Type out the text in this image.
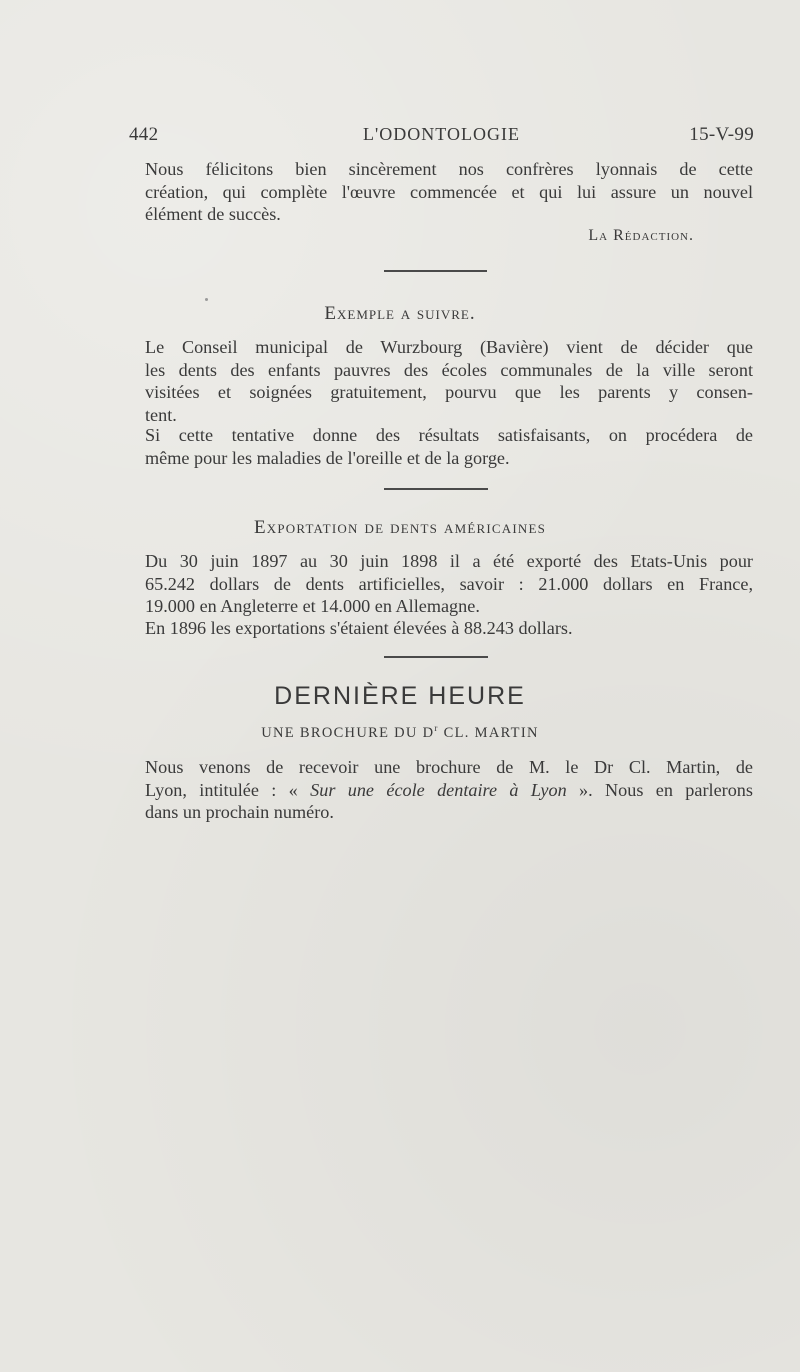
442	L'ODONTOLOGIE	15-V-99

Nous félicitons bien sincèrement nos confrères lyonnais de cette
création, qui complète l'œuvre commencée et qui lui assure un nouvel
élément de succès.

La Rédaction.
Exemple a suivre.

Le Conseil municipal de Wurzbourg (Bavière) vient de décider que
les dents des enfants pauvres des écoles communales de la ville seront
visitées et soignées gratuitement, pourvu que les parents y consen-
tent.

Si cette tentative donne des résultats satisfaisants, on procédera de
même pour les maladies de l'oreille et de la gorge.

Exportation de dents américaines

Du 30 juin 1897 au 30 juin 1898 il a été exporté des Etats-Unis pour
65.242 dollars de dents artificielles, savoir : 21.000 dollars en France,
19.000 en Angleterre et 14.000 en Allemagne.

En 1896 les exportations s'étaient élevées à 88.243 dollars.

DERNIÈRE HEURE
UNE BROCHURE DU $D^r$ CL. MARTIN

Nous venons de recevoir une brochure de M. le Dr Cl. Martin, de
Lyon, intitulée : « Sur une école dentaire à Lyon ». Nous en parlerons
dans un prochain numéro.
